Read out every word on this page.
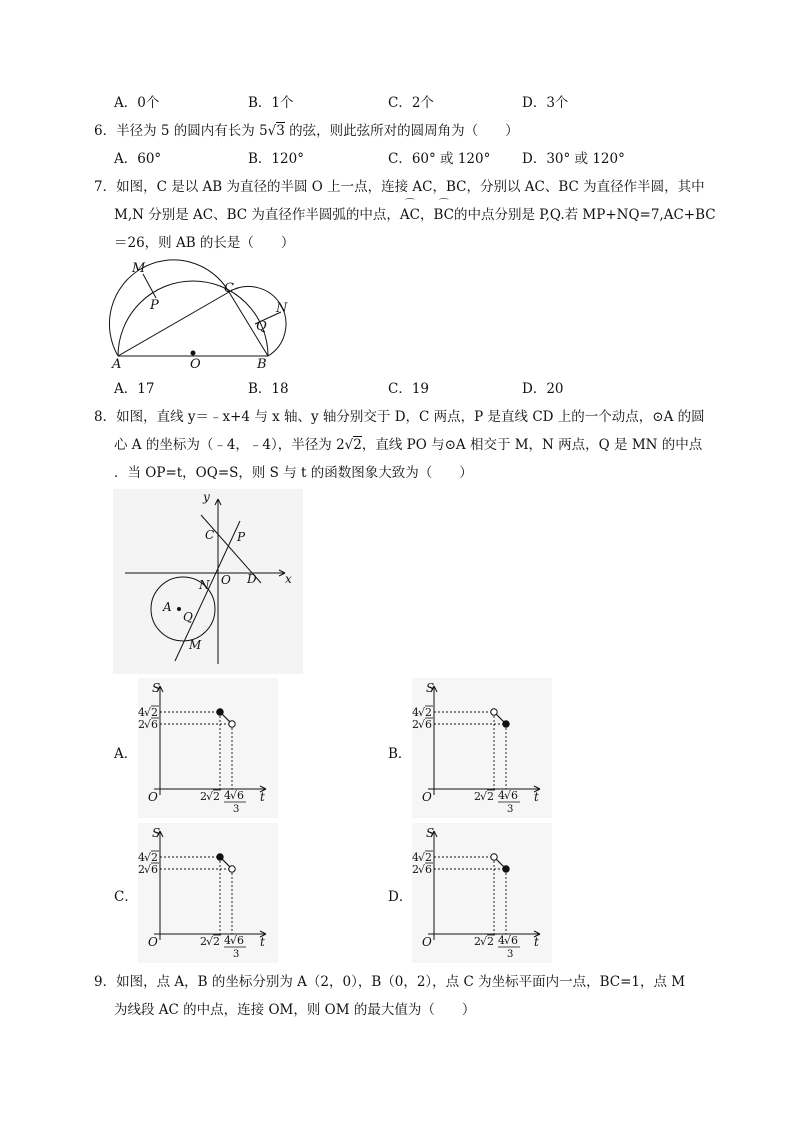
A．0个	B．1个	C．2个	D．3个
6．半径为 5 的圆内有长为 5√3 的弦，则此弦所对的圆周角为（　　）
A．60°	B．120°	C．60° 或 120° D．30° 或 120°
7．如图，C 是以 AB 为直径的半圆 O 上一点，连接 AC，BC，分别以 AC、BC 为直径作半圆，其中
M,N 分别是 AC、BC 为直径作半圆弧的中点，
⌒
AC，
⌒
BC的中点分别是 P,Q.若 MP+NQ=7,AC+BC
＝26，则 AB 的长是（　　）
M
C
N
P
Q
A	O	B
A．17	B．18	C．19	D．20
8．如图，直线 y＝﹣x+4 与 x 轴、y 轴分别交于 D，C 两点，P 是直线 CD 上的一个动点，⊙A 的圆
心 A 的坐标为（﹣4，﹣4），半径为 2√2，直线 PO 与⊙A 相交于 M，N 两点，Q 是 MN 的中点
．当 OP=t，OQ=S，则 S 与 t 的函数图象大致为（　　）
y
x
C P
N O D
A
Q
M
A．	B．
C．	D．
S
t
O
4 √ 2
2 √ 6
2 √ 2 4 √ 6
3
S
t
O
4 √ 2
2 √ 6
2 √ 2 4 √ 6
3
S
t
O
4 √ 2
2 √ 6
2 √ 2 4 √ 6
3
S
t
O
4 √ 2
2 √ 6
2 √ 2 4 √ 6
3
9．如图，点 A，B 的坐标分别为 A（2，0），B（0，2），点 C 为坐标平面内一点，BC=1，点 M
为线段 AC 的中点，连接 OM，则 OM 的最大值为（　　）
